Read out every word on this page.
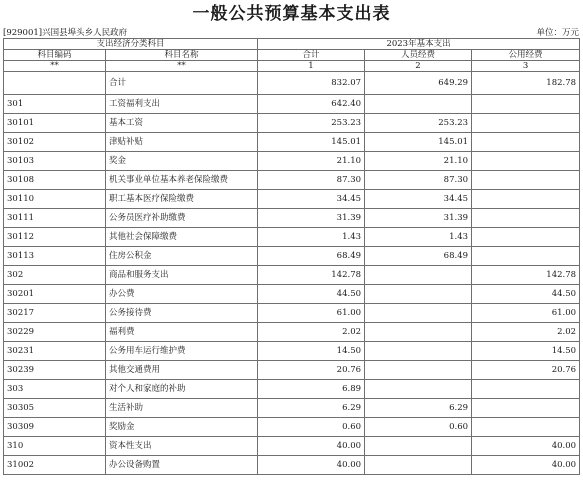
一般公共预算基本支出表
[929001]兴国县埠头乡人民政府	单位：万元
支出经济分类科目		2023年基本支出		
科目编码	科目名称	合计	人员经费	公用经费
**	**	1	2	3
	合计	832.07	649.29	182.78
301	工资福利支出	642.40		
30101	基本工资	253.23	253.23	
30102	津贴补贴	145.01	145.01	
30103	奖金	21.10	21.10	
30108	机关事业单位基本养老保险缴费	87.30	87.30	
30110	职工基本医疗保险缴费	34.45	34.45	
30111	公务员医疗补助缴费	31.39	31.39	
30112	其他社会保障缴费	1.43	1.43	
30113	住房公积金	68.49	68.49	
302	商品和服务支出	142.78		142.78
30201	办公费	44.50		44.50
30217	公务接待费	61.00		61.00
30229	福利费	2.02		2.02
30231	公务用车运行维护费	14.50		14.50
30239	其他交通费用	20.76		20.76
303	对个人和家庭的补助	6.89		
30305	生活补助	6.29	6.29	
30309	奖励金	0.60	0.60	
310	资本性支出	40.00		40.00
31002	办公设备购置	40.00		40.00
